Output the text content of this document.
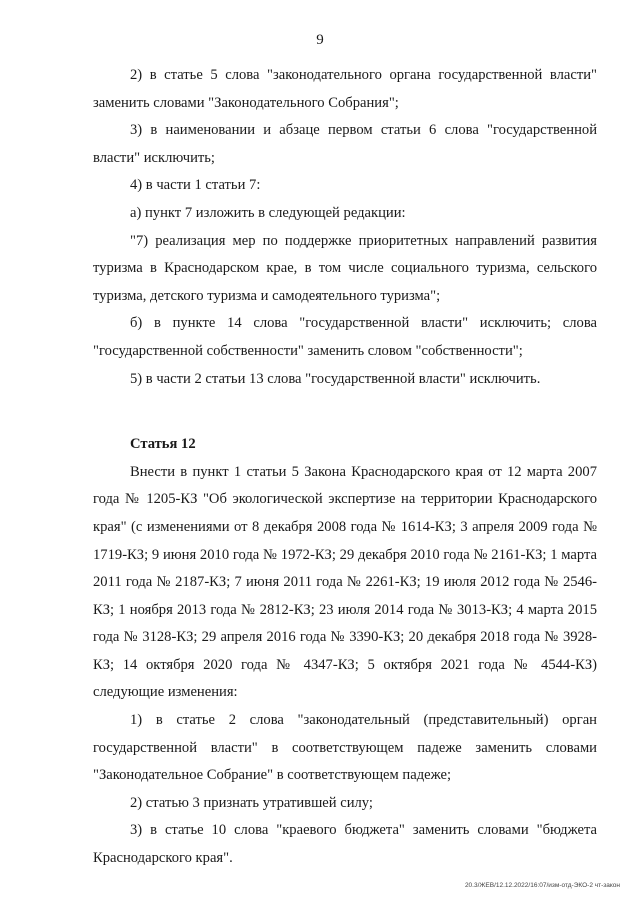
9

2) в статье 5 слова "законодательного органа государственной власти" заменить словами "Законодательного Собрания";

3) в наименовании и абзаце первом статьи 6 слова "государственной власти" исключить;

4) в части 1 статьи 7:

а) пункт 7 изложить в следующей редакции:

"7) реализация мер по поддержке приоритетных направлений развития туризма в Краснодарском крае, в том числе социального туризма, сельского туризма, детского туризма и самодеятельного туризма";

б) в пункте 14 слова "государственной власти" исключить; слова "государственной собственности" заменить словом "собственности";

5) в части 2 статьи 13 слова "государственной власти" исключить.

Статья 12

Внести в пункт 1 статьи 5 Закона Краснодарского края от 12 марта 2007 года № 1205-КЗ "Об экологической экспертизе на территории Краснодарского края" (с изменениями от 8 декабря 2008 года № 1614-КЗ; 3 апреля 2009 года № 1719-КЗ; 9 июня 2010 года № 1972-КЗ; 29 декабря 2010 года № 2161-КЗ; 1 марта 2011 года № 2187-КЗ; 7 июня 2011 года № 2261-КЗ; 19 июля 2012 года № 2546-КЗ; 1 ноября 2013 года № 2812-КЗ; 23 июля 2014 года № 3013-КЗ; 4 марта 2015 года № 3128-КЗ; 29 апреля 2016 года № 3390-КЗ; 20 декабря 2018 года № 3928-КЗ; 14 октября 2020 года № 4347-КЗ; 5 октября 2021 года № 4544-КЗ) следующие изменения:

1) в статье 2 слова "законодательный (представительный) орган государственной власти" в соответствующем падеже заменить словами "Законодательное Собрание" в соответствующем падеже;

2) статью 3 признать утратившей силу;

3) в статье 10 слова "краевого бюджета" заменить словами "бюджета Краснодарского края".

20.3/ЖЕВ/12.12.2022/16:07/изм-отд-ЭКО-2 чт-закон
